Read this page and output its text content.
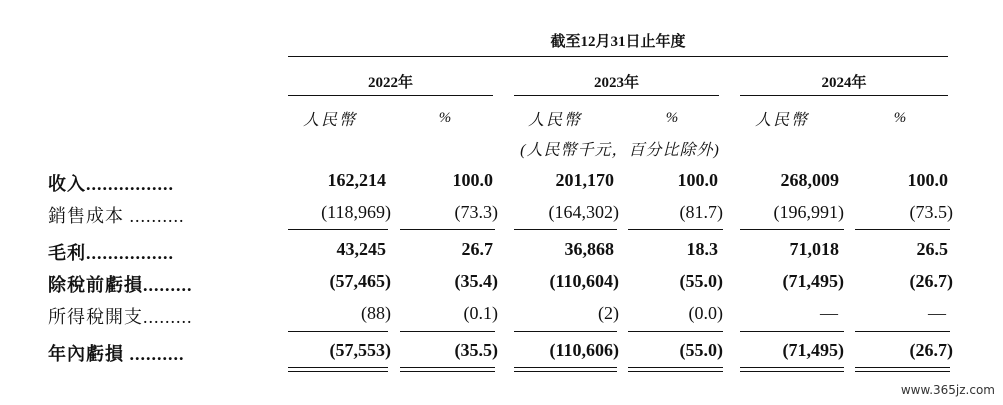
截至12月31日止年度
2022年	2023年	2024年
人民幣	%	人民幣	%	人民幣	%
(人民幣千元，百分比除外)
收入................	162,214	100.0	201,170	100.0	268,009	100.0
銷售成本 ..........	(118,969)	(73.3)	(164,302)	(81.7)	(196,991)	(73.5)
毛利................	43,245	26.7	36,868	18.3	71,018	26.5
除稅前虧損.........	(57,465)	(35.4)	(110,604)	(55.0)	(71,495)	(26.7)
所得稅開支.........	(88)	(0.1)	(2)	(0.0)	—	—
年內虧損 ..........	(57,553)	(35.5)	(110,606)	(55.0)	(71,495)	(26.7)
www.365jz.com
